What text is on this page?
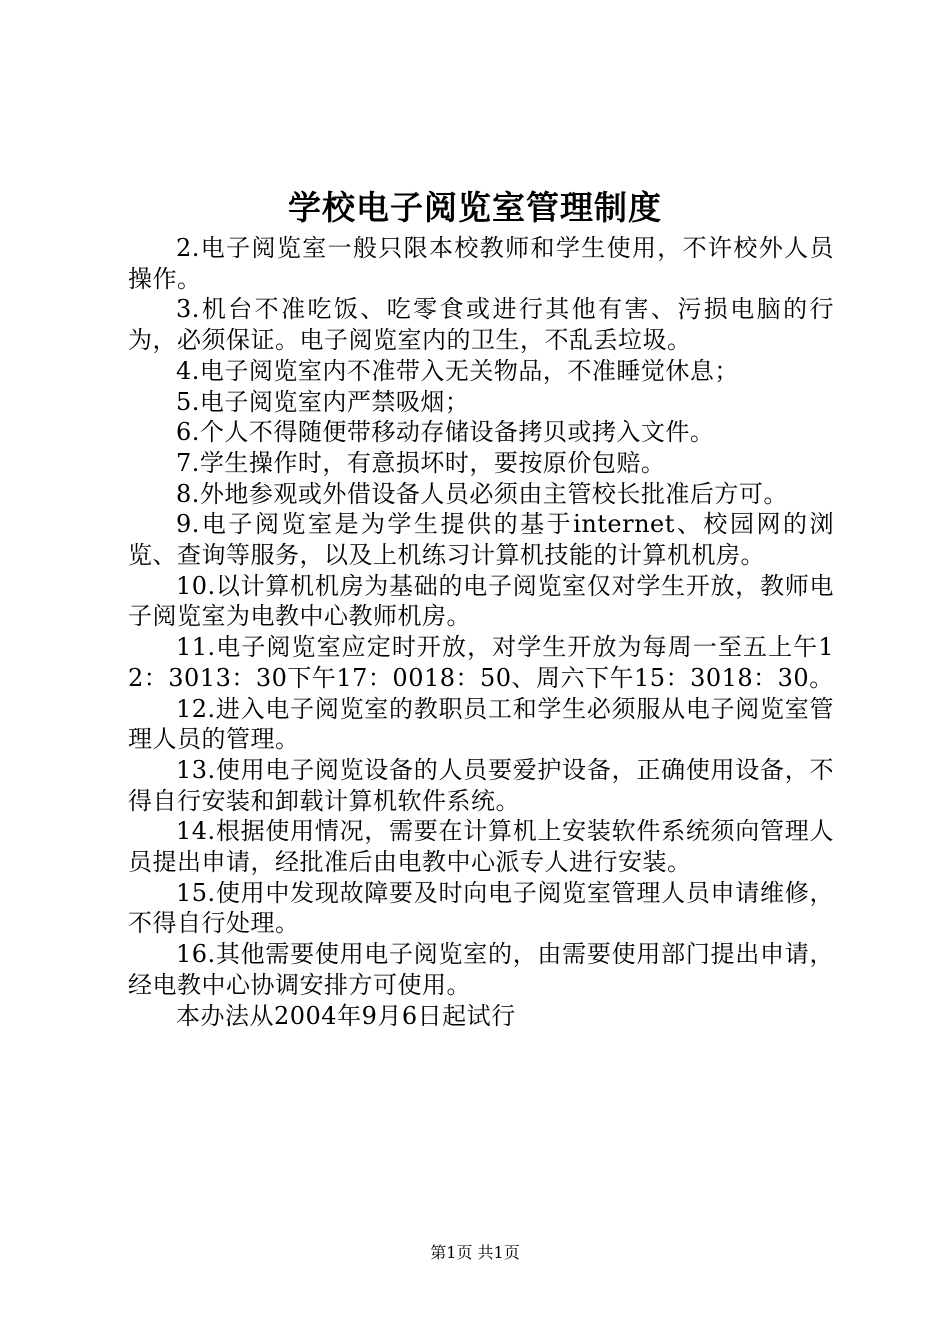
学校电子阅览室管理制度

2.电子阅览室一般只限本校教师和学生使用，不许校外人员操作。

3.机台不准吃饭、吃零食或进行其他有害、污损电脑的行为，必须保证。电子阅览室内的卫生，不乱丢垃圾。

4.电子阅览室内不准带入无关物品，不准睡觉休息；

5.电子阅览室内严禁吸烟；

6.个人不得随便带移动存储设备拷贝或拷入文件。

7.学生操作时，有意损坏时，要按原价包赔。

8.外地参观或外借设备人员必须由主管校长批准后方可。

9.电子阅览室是为学生提供的基于internet、校园网的浏览、查询等服务，以及上机练习计算机技能的计算机机房。

10.以计算机机房为基础的电子阅览室仅对学生开放，教师电子阅览室为电教中心教师机房。

11.电子阅览室应定时开放，对学生开放为每周一至五上午12：3013：30下午17：0018：50、周六下午15：3018：30。

12.进入电子阅览室的教职员工和学生必须服从电子阅览室管理人员的管理。

13.使用电子阅览设备的人员要爱护设备，正确使用设备，不得自行安装和卸载计算机软件系统。

14.根据使用情况，需要在计算机上安装软件系统须向管理人员提出申请，经批准后由电教中心派专人进行安装。

15.使用中发现故障要及时向电子阅览室管理人员申请维修，不得自行处理。

16.其他需要使用电子阅览室的，由需要使用部门提出申请，经电教中心协调安排方可使用。

本办法从2004年9月6日起试行

第1页 共1页
